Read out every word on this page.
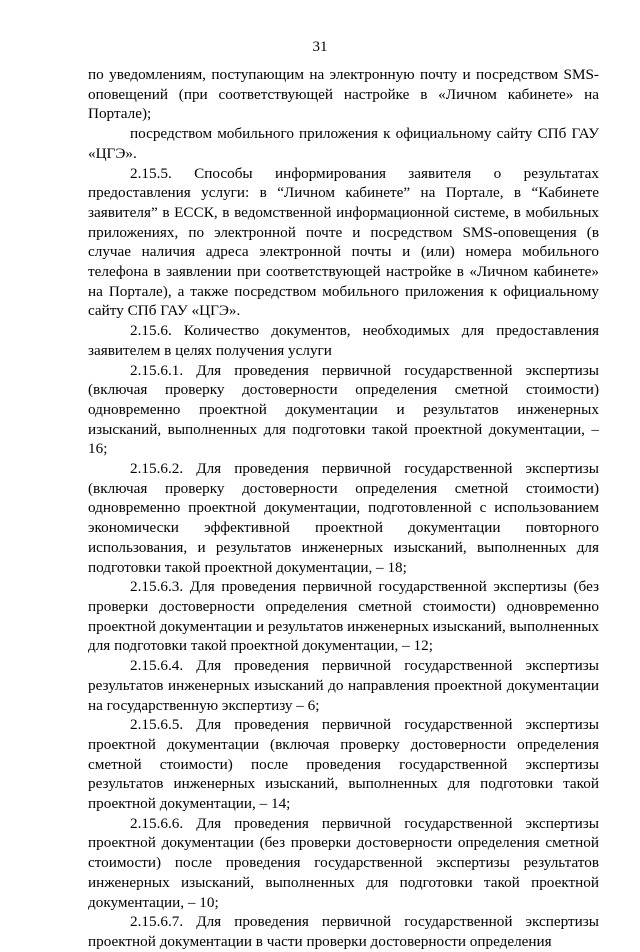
31

по уведомлениям, поступающим на электронную почту и посредством SMS-оповещений (при соответствующей настройке в «Личном кабинете» на Портале);

посредством мобильного приложения к официальному сайту СПб ГАУ «ЦГЭ».

2.15.5. Способы информирования заявителя о результатах предоставления услуги: в “Личном кабинете” на Портале, в “Кабинете заявителя” в ЕССК, в ведомственной информационной системе, в мобильных приложениях, по электронной почте и посредством SMS-оповещения (в случае наличия адреса электронной почты и (или) номера мобильного телефона в заявлении при соответствующей настройке в «Личном кабинете» на Портале), а также посредством мобильного приложения к официальному сайту СПб ГАУ «ЦГЭ».

2.15.6. Количество документов, необходимых для предоставления заявителем в целях получения услуги

2.15.6.1. Для проведения первичной государственной экспертизы (включая проверку достоверности определения сметной стоимости) одновременно проектной документации и результатов инженерных изысканий, выполненных для подготовки такой проектной документации, – 16;

2.15.6.2. Для проведения первичной государственной экспертизы (включая проверку достоверности определения сметной стоимости) одновременно проектной документации, подготовленной с использованием экономически эффективной проектной документации повторного использования, и результатов инженерных изысканий, выполненных для подготовки такой проектной документации, – 18;

2.15.6.3. Для проведения первичной государственной экспертизы (без проверки достоверности определения сметной стоимости) одновременно проектной документации и результатов инженерных изысканий, выполненных для подготовки такой проектной документации, – 12;

2.15.6.4. Для проведения первичной государственной экспертизы результатов инженерных изысканий до направления проектной документации на государственную экспертизу – 6;

2.15.6.5. Для проведения первичной государственной экспертизы проектной документации (включая проверку достоверности определения сметной стоимости) после проведения государственной экспертизы результатов инженерных изысканий, выполненных для подготовки такой проектной документации, – 14;

2.15.6.6. Для проведения первичной государственной экспертизы проектной документации (без проверки достоверности определения сметной стоимости) после проведения государственной экспертизы результатов инженерных изысканий, выполненных для подготовки такой проектной документации, – 10;

2.15.6.7. Для проведения первичной государственной экспертизы проектной документации в части проверки достоверности определения
